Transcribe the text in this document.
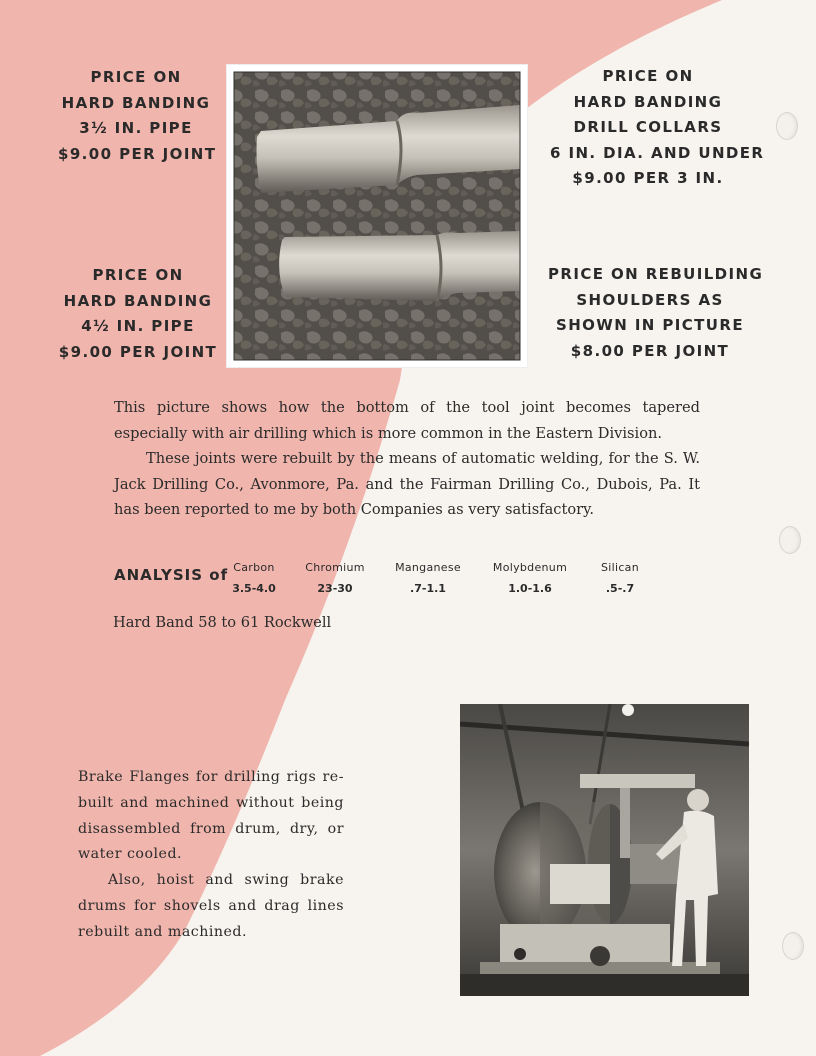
PRICE ON
HARD BANDING
3½ IN. PIPE
$9.00 PER JOINT
PRICE ON
HARD BANDING
4½ IN. PIPE
$9.00 PER JOINT
PRICE ON
HARD BANDING
DRILL COLLARS
6 IN. DIA. AND UNDER
$9.00 PER 3 IN.
PRICE ON REBUILDING
SHOULDERS AS
SHOWN IN PICTURE
$8.00 PER JOINT

This picture shows how the bottom of the tool joint becomes tapered especially with air drilling which is more common in the Eastern Division.

These joints were rebuilt by the means of automatic welding, for the S. W. Jack Drilling Co., Avonmore, Pa. and the Fairman Drilling Co., Dubois, Pa. It has been reported to me by both Companies as very satisfactory.

ANALYSIS of Carbon
3.5-4.0
Chromium
23-30
Manganese
.7-1.1
Molybdenum
1.0-1.6
Silican
.5-.7
Hard Band 58 to 61 Rockwell

Brake Flanges for drilling rigs re-built and machined without being disassembled from drum, dry, or water cooled.

Also, hoist and swing brake drums for shovels and drag lines rebuilt and machined.
